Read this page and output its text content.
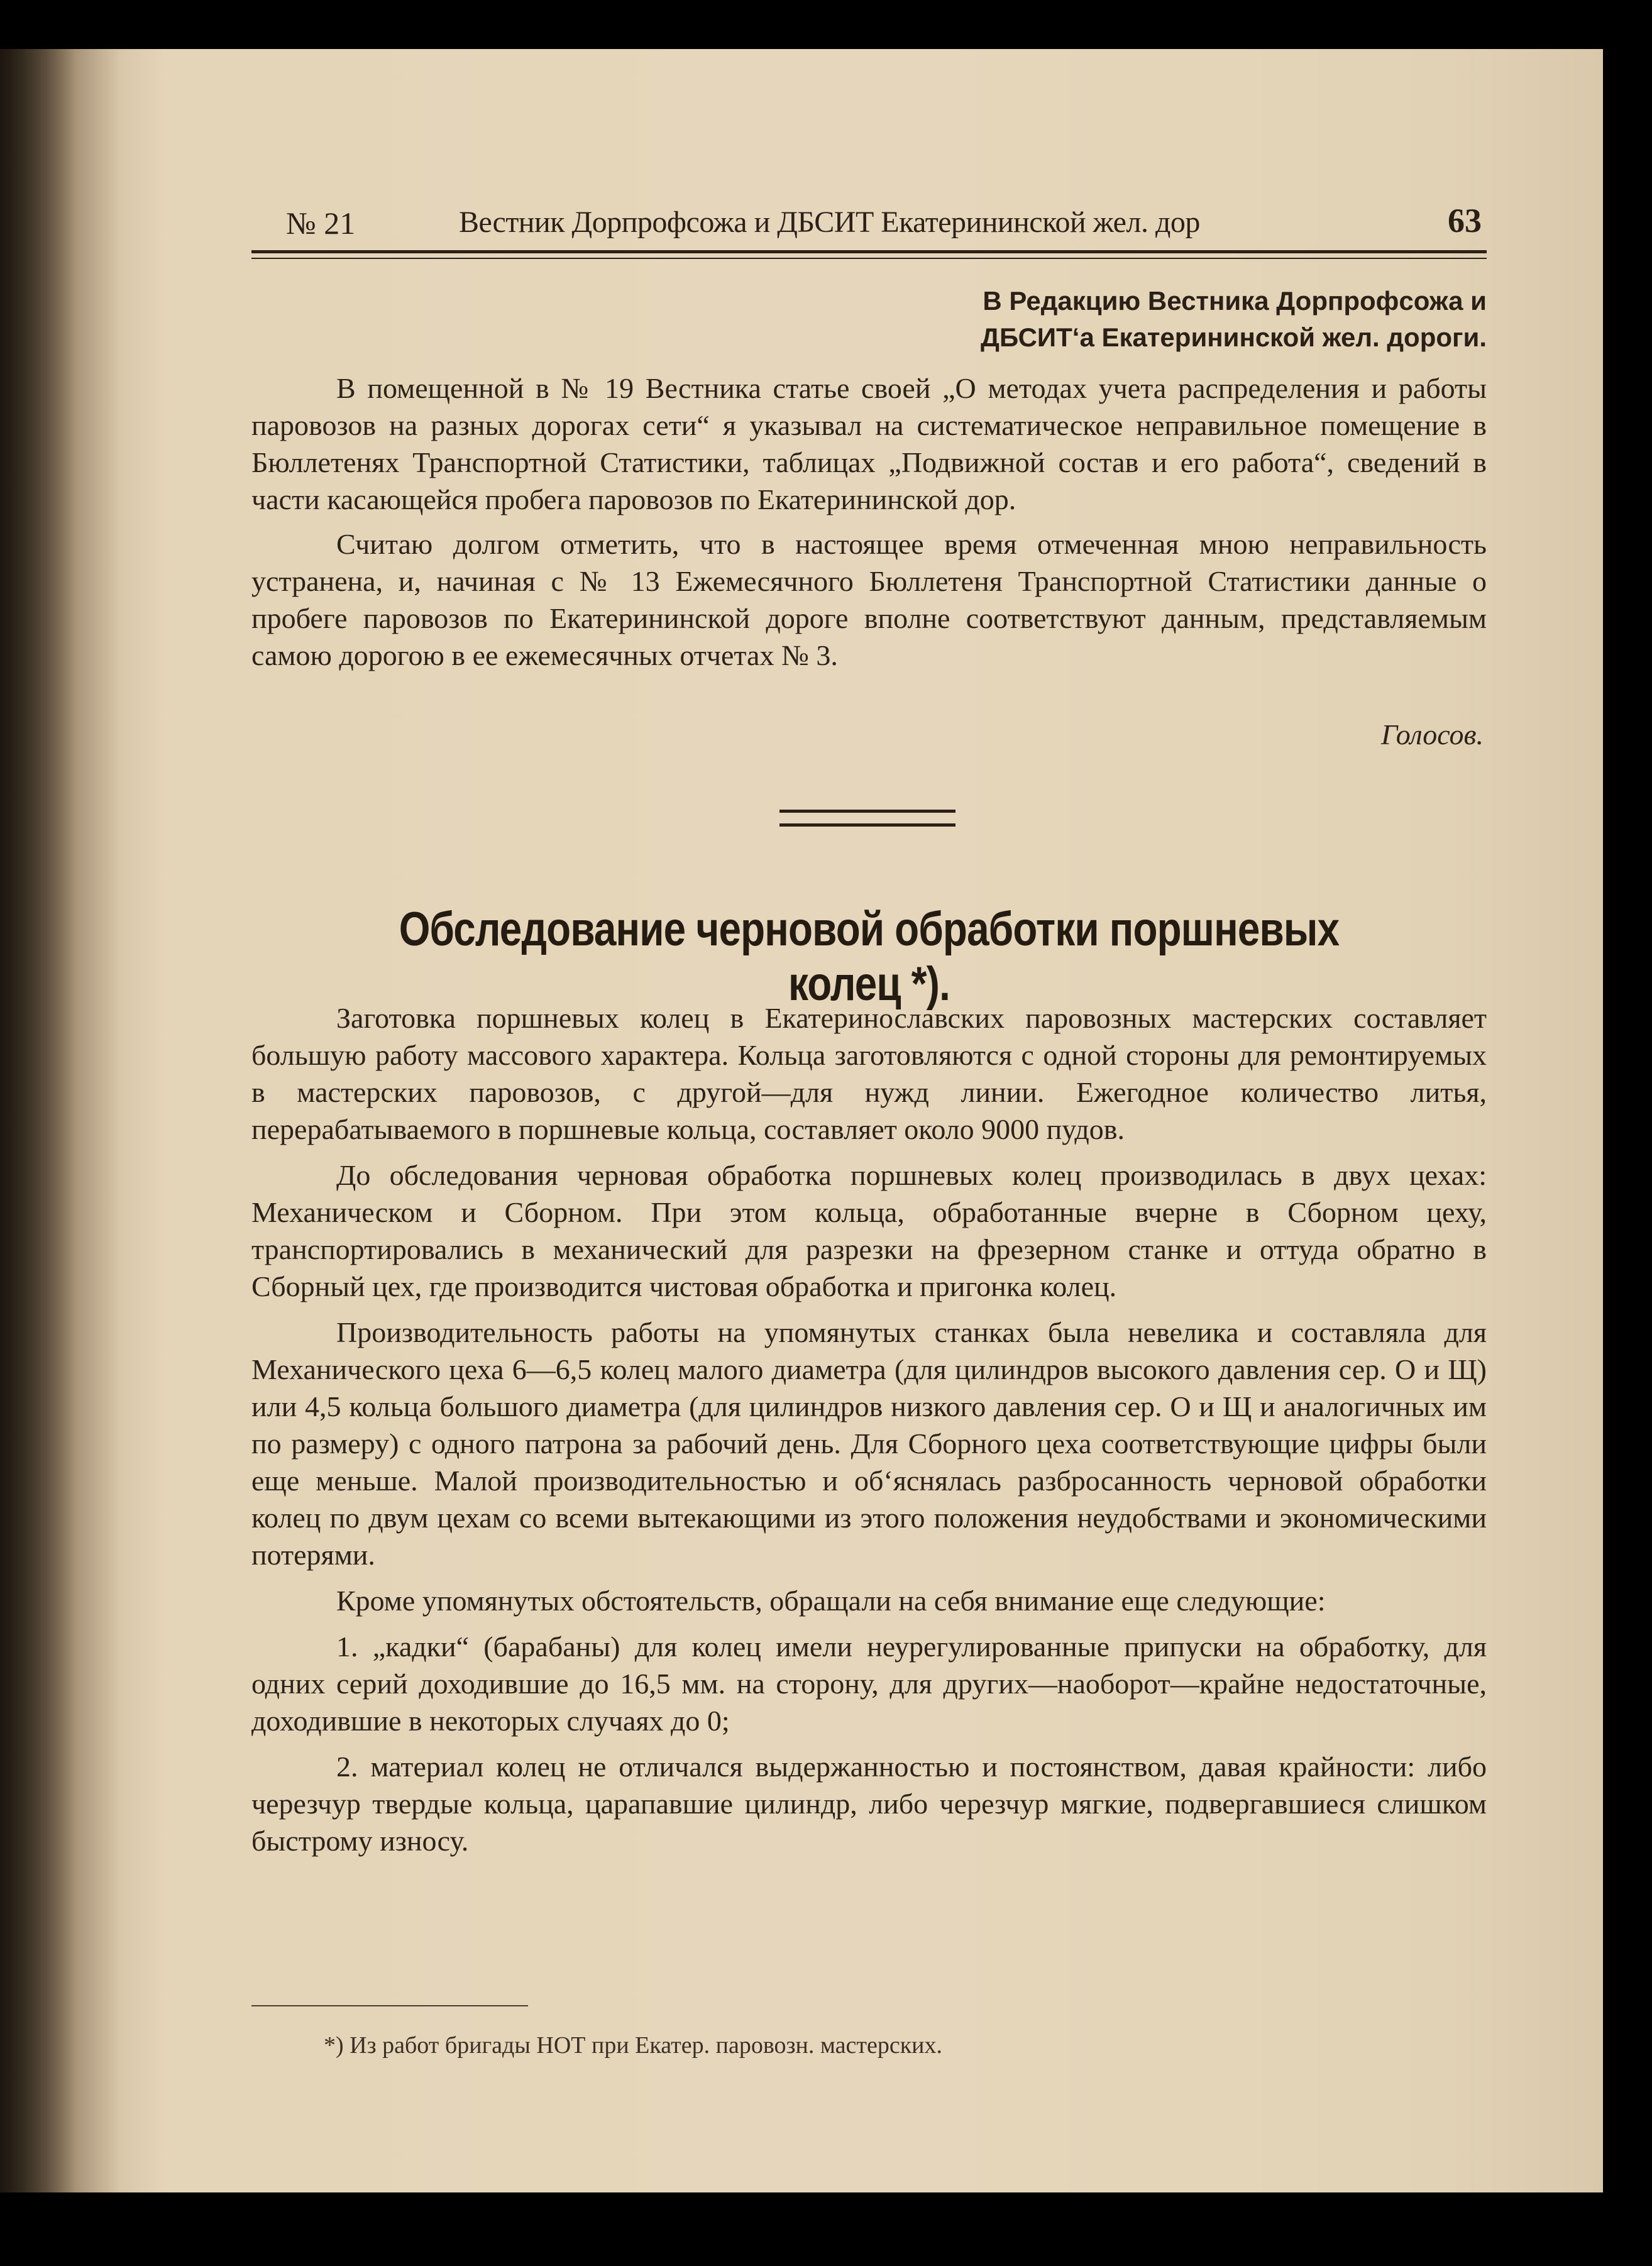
№ 21	Вестник Дорпрофсожа и ДБСИТ Екатерининской жел. дор	63
В Редакцию Вестника Дорпрофсожа и
ДБСИТ‘а Екатерининской жел. дороги.

В помещенной в № 19 Вестника статье своей „О методах учета распределения и работы паровозов на разных дорогах сети“ я указывал на систематическое неправильное помещение в Бюллетенях Транспортной Статистики, таблицах „Подвижной состав и его работа“, сведений в части касающейся пробега паровозов по Екатерининской дор.

Считаю долгом отметить, что в настоящее время отмеченная мною неправильность устранена, и, начиная с № 13 Ежемесячного Бюллетеня Транспортной Статистики данные о пробеге паровозов по Екатерининской дороге вполне соответствуют данным, представляемым самою дорогою в ее ежемесячных отчетах № 3.

Голосов.
Обследование черновой обработки поршневых колец *).

Заготовка поршневых колец в Екатеринославских паровозных мастерских составляет большую работу массового характера. Кольца заготовляются с одной стороны для ремонтируемых в мастерских паровозов, с другой—для нужд линии. Ежегодное количество литья, перерабатываемого в поршневые кольца, составляет около 9000 пудов.

До обследования черновая обработка поршневых колец производилась в двух цехах: Механическом и Сборном. При этом кольца, обработанные вчерне в Сборном цеху, транспортировались в механический для разрезки на фрезерном станке и оттуда обратно в Сборный цех, где производится чистовая обработка и пригонка колец.

Производительность работы на упомянутых станках была невелика и составляла для Механического цеха 6—6,5 колец малого диаметра (для цилиндров высокого давления сер. О и Щ) или 4,5 кольца большого диаметра (для цилиндров низкого давления сер. О и Щ и аналогичных им по размеру) с одного патрона за рабочий день. Для Сборного цеха соответствующие цифры были еще меньше. Малой производительностью и об‘яснялась разбросанность черновой обработки колец по двум цехам со всеми вытекающими из этого положения неудобствами и экономическими потерями.

Кроме упомянутых обстоятельств, обращали на себя внимание еще следующие:

1. „кадки“ (барабаны) для колец имели неурегулированные припуски на обработку, для одних серий доходившие до 16,5 мм. на сторону, для других—наоборот—крайне недостаточные, доходившие в некоторых случаях до 0;

2. материал колец не отличался выдержанностью и постоянством, давая крайности: либо черезчур твердые кольца, царапавшие цилиндр, либо черезчур мягкие, подвергавшиеся слишком быстрому износу.

*) Из работ бригады НОТ при Екатер. паровозн. мастерских.
